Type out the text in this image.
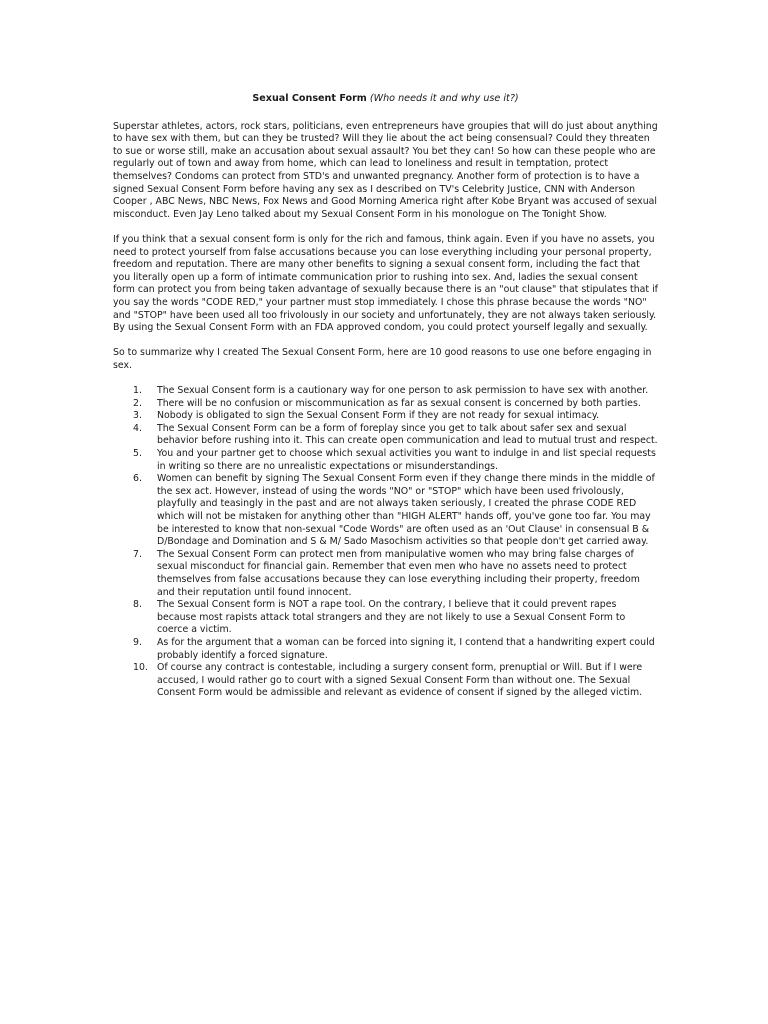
Sexual Consent Form (Who needs it and why use it?)

Superstar athletes, actors, rock stars, politicians, even entrepreneurs have groupies that will do just about anything to have sex with them, but can they be trusted? Will they lie about the act being consensual? Could they threaten to sue or worse still, make an accusation about sexual assault? You bet they can! So how can these people who are regularly out of town and away from home, which can lead to loneliness and result in temptation, protect themselves? Condoms can protect from STD's and unwanted pregnancy. Another form of protection is to have a signed Sexual Consent Form before having any sex as I described on TV's Celebrity Justice, CNN with Anderson Cooper , ABC News, NBC News, Fox News and Good Morning America right after Kobe Bryant was accused of sexual misconduct. Even Jay Leno talked about my Sexual Consent Form in his monologue on The Tonight Show.

If you think that a sexual consent form is only for the rich and famous, think again. Even if you have no assets, you need to protect yourself from false accusations because you can lose everything including your personal property, freedom and reputation. There are many other benefits to signing a sexual consent form, including the fact that you literally open up a form of intimate communication prior to rushing into sex. And, ladies the sexual consent form can protect you from being taken advantage of sexually because there is an "out clause" that stipulates that if you say the words "CODE RED," your partner must stop immediately. I chose this phrase because the words "NO" and "STOP" have been used all too frivolously in our society and unfortunately, they are not always taken seriously. By using the Sexual Consent Form with an FDA approved condom, you could protect yourself legally and sexually.

So to summarize why I created The Sexual Consent Form, here are 10 good reasons to use one before engaging in sex.

1.	The Sexual Consent form is a cautionary way for one person to ask permission to have sex with another.
2.	There will be no confusion or miscommunication as far as sexual consent is concerned by both parties.
3.	Nobody is obligated to sign the Sexual Consent Form if they are not ready for sexual intimacy.
4.	The Sexual Consent Form can be a form of foreplay since you get to talk about safer sex and sexual behavior before rushing into it. This can create open communication and lead to mutual trust and respect.
5.	You and your partner get to choose which sexual activities you want to indulge in and list special requests in writing so there are no unrealistic expectations or misunderstandings.
6.	Women can benefit by signing The Sexual Consent Form even if they change there minds in the middle of the sex act. However, instead of using the words "NO" or "STOP" which have been used frivolously, playfully and teasingly in the past and are not always taken seriously, I created the phrase CODE RED which will not be mistaken for anything other than "HIGH ALERT" hands off, you've gone too far. You may be interested to know that non-sexual "Code Words" are often used as an 'Out Clause' in consensual B & D/Bondage and Domination and S & M/ Sado Masochism activities so that people don't get carried away.
7.	The Sexual Consent Form can protect men from manipulative women who may bring false charges of sexual misconduct for financial gain. Remember that even men who have no assets need to protect themselves from false accusations because they can lose everything including their property, freedom and their reputation until found innocent.
8.	The Sexual Consent form is NOT a rape tool. On the contrary, I believe that it could prevent rapes because most rapists attack total strangers and they are not likely to use a Sexual Consent Form to coerce a victim.
9.	As for the argument that a woman can be forced into signing it, I contend that a handwriting expert could probably identify a forced signature.
10. Of course any contract is contestable, including a surgery consent form, prenuptial or Will. But if I were accused, I would rather go to court with a signed Sexual Consent Form than without one. The Sexual Consent Form would be admissible and relevant as evidence of consent if signed by the alleged victim.
